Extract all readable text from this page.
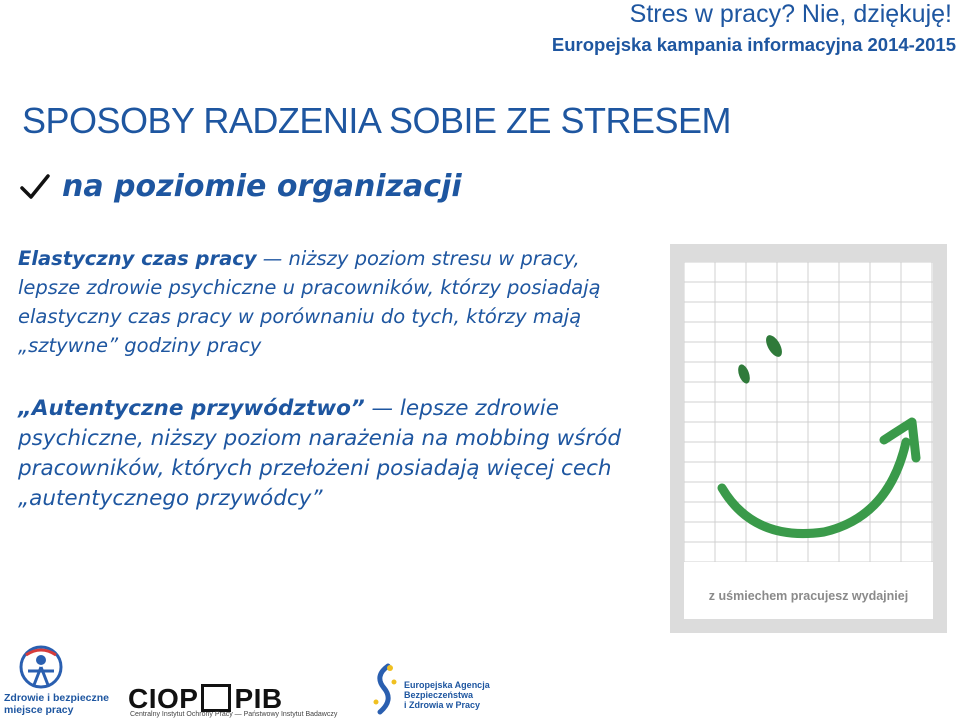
Stres w pracy? Nie, dziękuję!
Europejska kampania informacyjna 2014-2015
SPOSOBY RADZENIA SOBIE ZE STRESEM
na poziomie organizacji
Elastyczny czas pracy — niższy poziom stresu w pracy, lepsze zdrowie psychiczne u pracowników, którzy posiadają elastyczny czas pracy w porównaniu do tych, którzy mają „sztywne” godziny pracy
„Autentyczne przywództwo” — lepsze zdrowie psychiczne, niższy poziom narażenia na mobbing wśród pracowników, których przełożeni posiadają więcej cech „autentycznego przywódcy”
z uśmiechem pracujesz wydajniej
Zdrowie i bezpieczne
miejsce pracy	CIOP PIB
Centralny Instytut Ochrony Pracy — Państwowy Instytut Badawczy
Europejska Agencja
Bezpieczeństwa
i Zdrowia w Pracy
